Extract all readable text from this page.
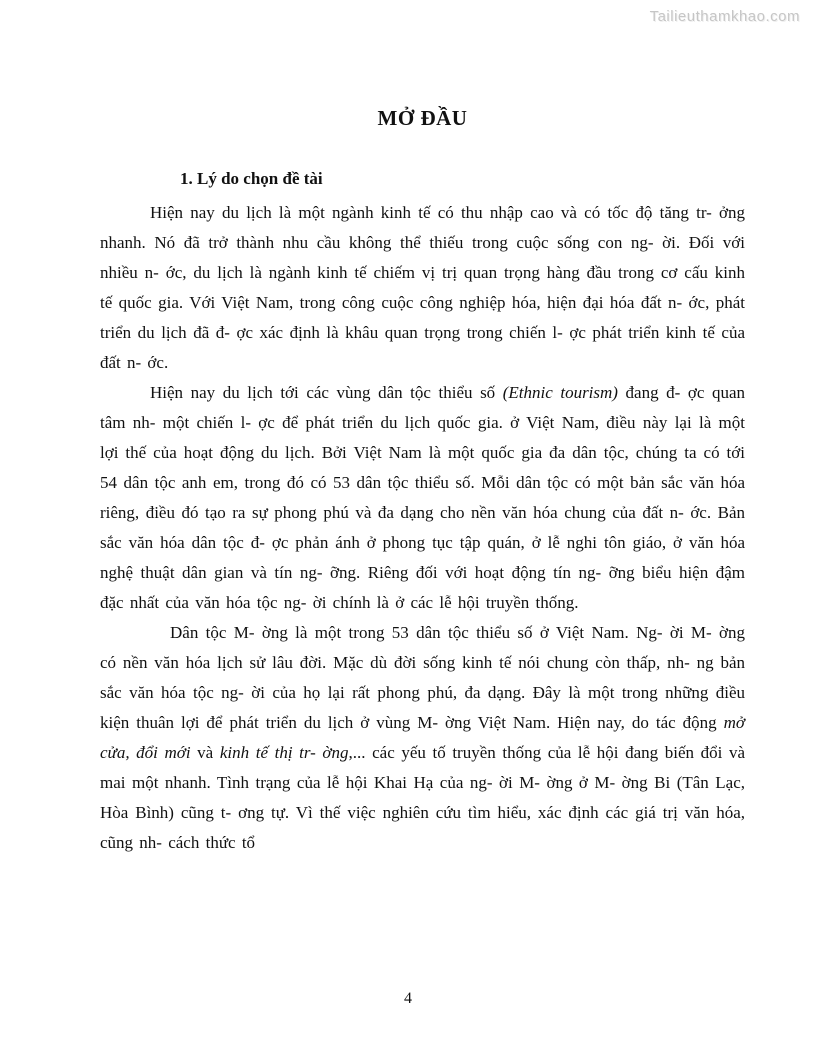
Tailieuthamkhao.com
MỞ ĐẦU
1. Lý do chọn đề tài

Hiện nay du lịch là một ngành kinh tế có thu nhập cao và có tốc độ tăng tr- ởng nhanh. Nó đã trở thành nhu cầu không thể thiếu trong cuộc sống con ng- ời. Đối với nhiều n- ớc, du lịch là ngành kinh tế chiếm vị trị quan trọng hàng đầu trong cơ cấu kinh tế quốc gia. Với Việt Nam, trong công cuộc công nghiệp hóa, hiện đại hóa đất n- ớc, phát triển du lịch đã đ- ợc xác định là khâu quan trọng trong chiến l- ợc phát triển kinh tế của đất n- ớc.

Hiện nay du lịch tới các vùng dân tộc thiểu số (Ethnic tourism) đang đ- ợc quan tâm nh- một chiến l- ợc để phát triển du lịch quốc gia. ở Việt Nam, điều này lại là một lợi thế của hoạt động du lịch. Bởi Việt Nam là một quốc gia đa dân tộc, chúng ta có tới 54 dân tộc anh em, trong đó có 53 dân tộc thiểu số. Mỗi dân tộc có một bản sắc văn hóa riêng, điều đó tạo ra sự phong phú và đa dạng cho nền văn hóa chung của đất n- ớc. Bản sắc văn hóa dân tộc đ- ợc phản ánh ở phong tục tập quán, ở lễ nghi tôn giáo, ở văn hóa nghệ thuật dân gian và tín ng- ỡng. Riêng đối với hoạt động tín ng- ỡng biểu hiện đậm đặc nhất của văn hóa tộc ng- ời chính là ở các lễ hội truyền thống.

Dân tộc M- ờng là một trong 53 dân tộc thiểu số ở Việt Nam. Ng- ời M- ờng có nền văn hóa lịch sử lâu đời. Mặc dù đời sống kinh tế nói chung còn thấp, nh- ng bản sắc văn hóa tộc ng- ời của họ lại rất phong phú, đa dạng. Đây là một trong những điều kiện thuân lợi để phát triển du lịch ở vùng M- ờng Việt Nam. Hiện nay, do tác động mở cửa, đổi mới và kinh tế thị tr- ờng,... các yếu tố truyền thống của lễ hội đang biến đổi và mai một nhanh. Tình trạng của lễ hội Khai Hạ của ng- ời M- ờng ở M- ờng Bi (Tân Lạc, Hòa Bình) cũng t- ơng tự. Vì thế việc nghiên cứu tìm hiểu, xác định các giá trị văn hóa, cũng nh- cách thức tổ

4
